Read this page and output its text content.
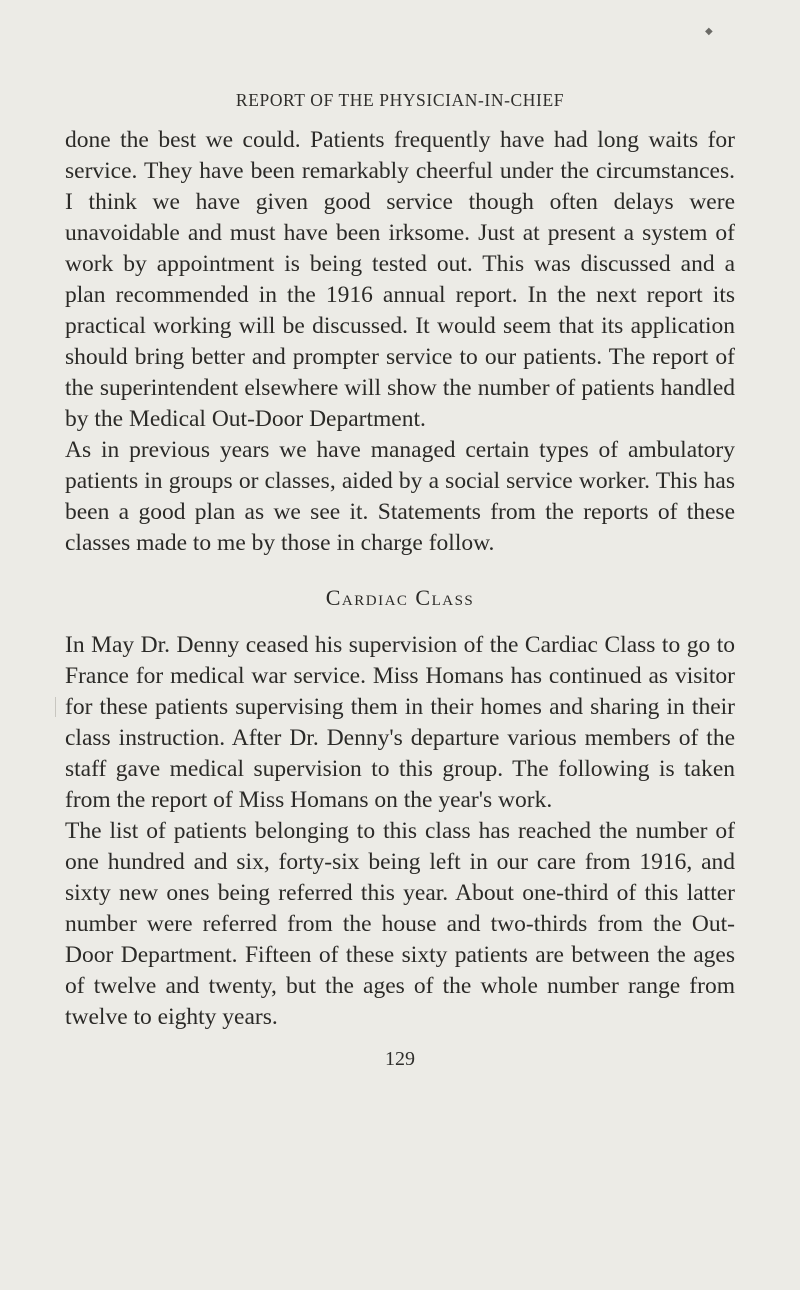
◆
REPORT OF THE PHYSICIAN-IN-CHIEF

done the best we could. Patients frequently have had long waits for service. They have been remarkably cheerful under the circumstances. I think we have given good service though often delays were unavoidable and must have been irksome. Just at present a system of work by appointment is being tested out. This was discussed and a plan recommended in the 1916 annual report. In the next report its practical working will be discussed. It would seem that its application should bring better and prompter service to our patients. The report of the superintendent elsewhere will show the number of patients handled by the Medical Out-Door Department.

As in previous years we have managed certain types of ambulatory patients in groups or classes, aided by a social service worker. This has been a good plan as we see it. Statements from the reports of these classes made to me by those in charge follow.

Cardiac Class

In May Dr. Denny ceased his supervision of the Cardiac Class to go to France for medical war service. Miss Homans has continued as visitor for these patients supervising them in their homes and sharing in their class instruction. After Dr. Denny's departure various members of the staff gave medical supervision to this group. The following is taken from the report of Miss Homans on the year's work.

The list of patients belonging to this class has reached the number of one hundred and six, forty-six being left in our care from 1916, and sixty new ones being referred this year. About one-third of this latter number were referred from the house and two-thirds from the Out-Door Department. Fifteen of these sixty patients are between the ages of twelve and twenty, but the ages of the whole number range from twelve to eighty years.

129
